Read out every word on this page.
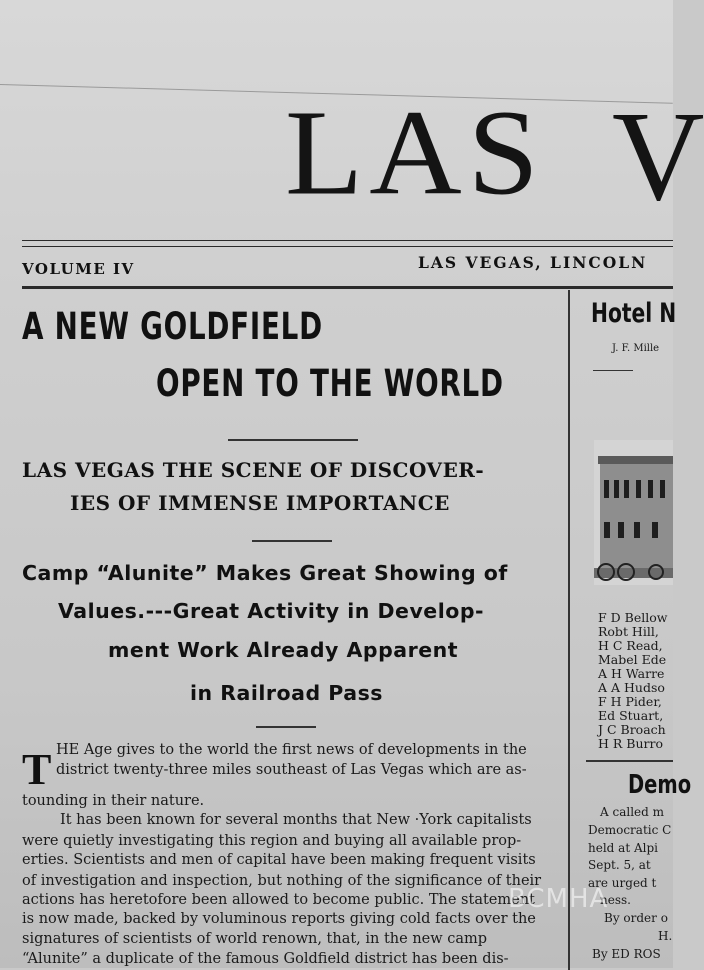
LAS V
VOLUME IV	LAS VEGAS, LINCOLN
A NEW GOLDFIELD
OPEN TO THE WORLD
LAS VEGAS THE SCENE OF DISCOVER-
IES OF IMMENSE IMPORTANCE
Camp “Alunite” Makes Great Showing of
Values.---Great Activity in Develop-
ment Work Already Apparent
in Railroad Pass
T HE Age gives to the world the first news of developments in the
district twenty-three miles southeast of Las Vegas which are as-
tounding in their nature.
It has been known for several months that New ·York capitalists
were quietly investigating this region and buying all available prop-
erties. Scientists and men of capital have been making frequent visits
of investigation and inspection, but nothing of the significance of their
actions has heretofore been allowed to become public. The statement
is now made, backed by voluminous reports giving cold facts over the
signatures of scientists of world renown, that, in the new camp
“Alunite” a duplicate of the famous Goldfield district has been dis-
Hotel N
J. F. Mille
F D Bellow
Robt Hill,
H C Read,
Mabel Ede
A H Warre
A A Hudso
F H Pider,
Ed Stuart,
J C Broach
H R Burro
Demo
A called m
Democratic C
held at Alpi
Sept. 5, at
are urged t
ness.
By order o
H.
By ED ROS
BCMHA
